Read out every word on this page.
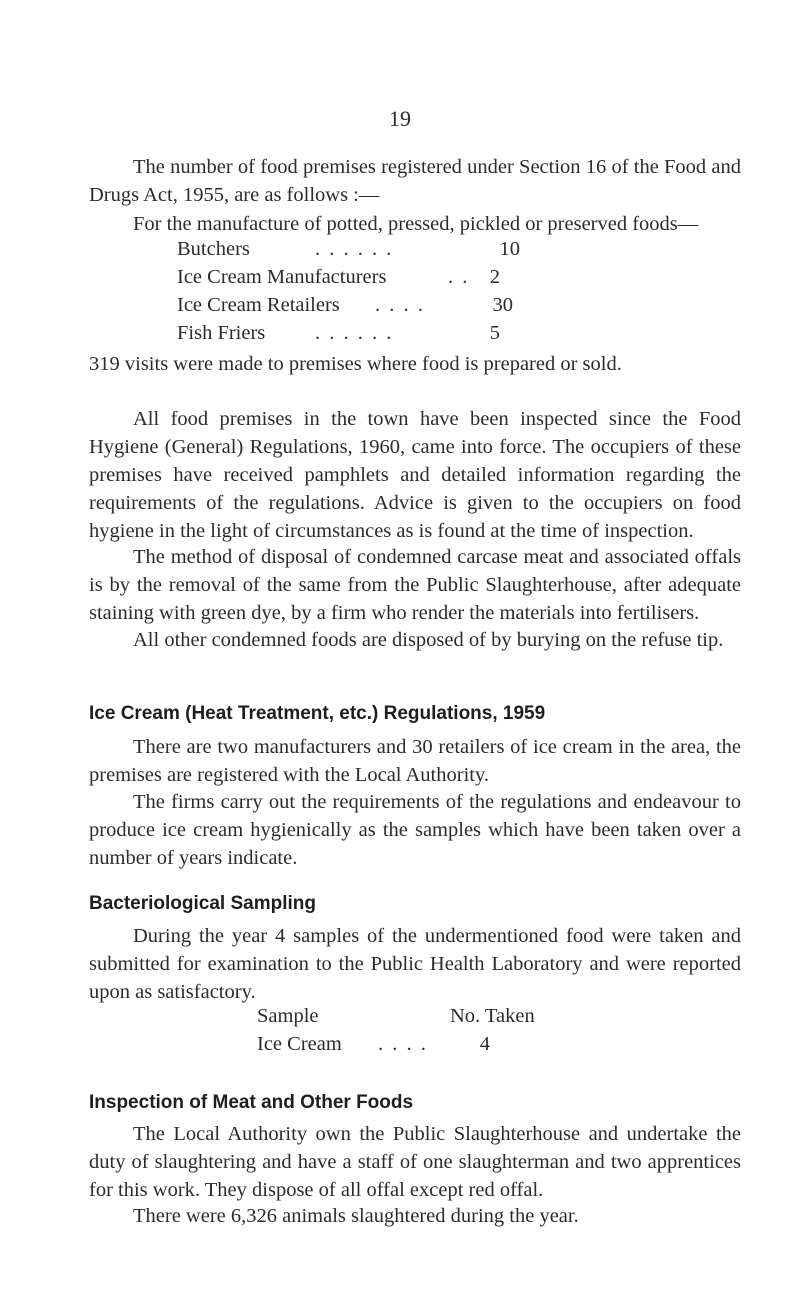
19

The number of food premises registered under Section 16 of the Food and Drugs Act, 1955, are as follows :—

For the manufacture of potted, pressed, pickled or preserved foods—

Butchers	. . . . . .	10
Ice Cream Manufacturers	. . 2
Ice Cream Retailers . . . .	30
Fish Friers . . . . . .	5

319 visits were made to premises where food is prepared or sold.

All food premises in the town have been inspected since the Food Hygiene (General) Regulations, 1960, came into force. The occupiers of these premises have received pamphlets and detailed information regarding the requirements of the regulations. Advice is given to the occupiers on food hygiene in the light of circumstances as is found at the time of inspection.

The method of disposal of condemned carcase meat and associated offals is by the removal of the same from the Public Slaughterhouse, after adequate staining with green dye, by a firm who render the materials into fertilisers.

All other condemned foods are disposed of by burying on the refuse tip.

Ice Cream (Heat Treatment, etc.) Regulations, 1959

There are two manufacturers and 30 retailers of ice cream in the area, the premises are registered with the Local Authority.

The firms carry out the requirements of the regulations and endeavour to produce ice cream hygienically as the samples which have been taken over a number of years indicate.

Bacteriological Sampling

During the year 4 samples of the undermentioned food were taken and submitted for examination to the Public Health Laboratory and were reported upon as satisfactory.

Sample	No. Taken
Ice Cream . . . .	4
Inspection of Meat and Other Foods

The Local Authority own the Public Slaughterhouse and undertake the duty of slaughtering and have a staff of one slaughterman and two apprentices for this work. They dispose of all offal except red offal.

There were 6,326 animals slaughtered during the year.
